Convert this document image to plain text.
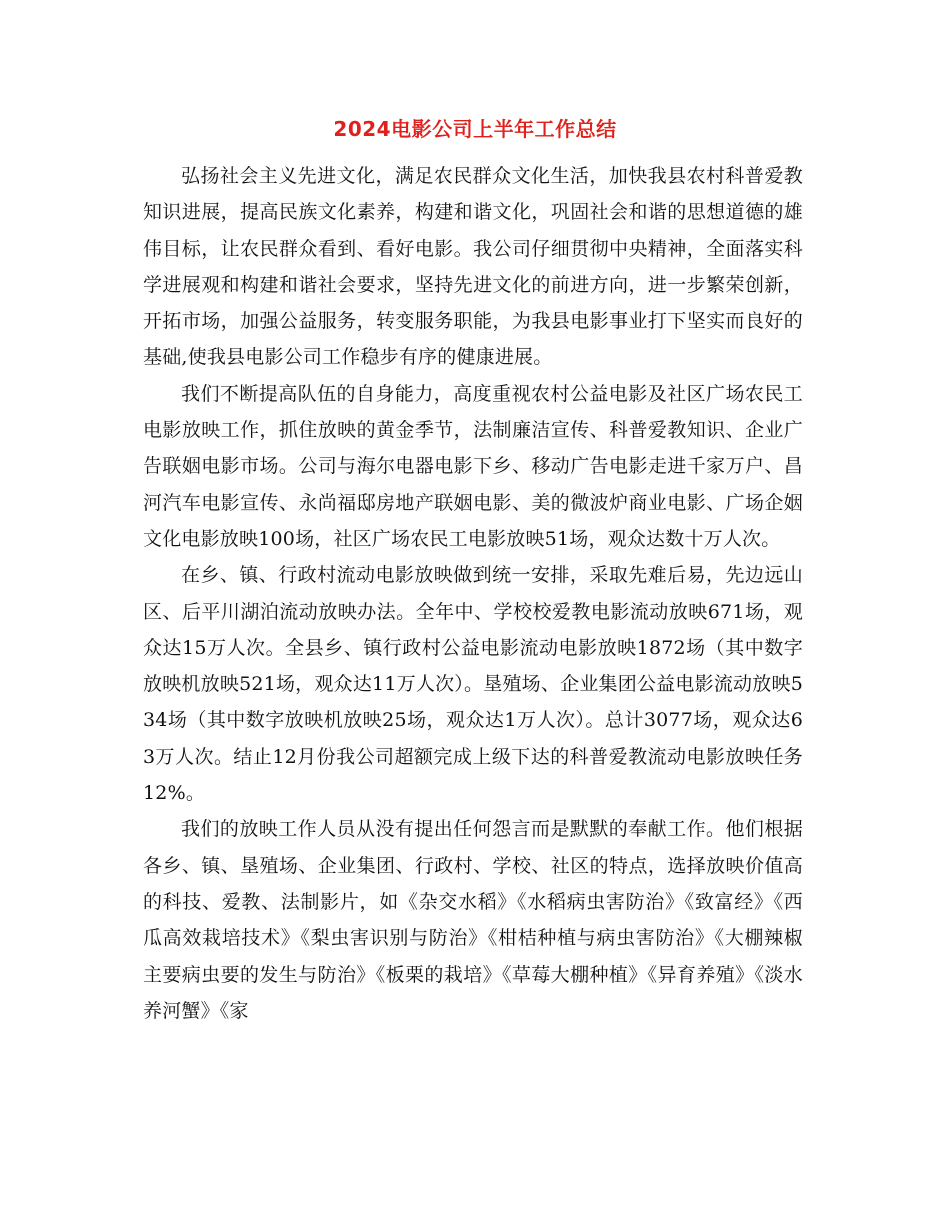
2024电影公司上半年工作总结

弘扬社会主义先进文化，满足农民群众文化生活，加快我县农村科普爱教知识进展，提高民族文化素养，构建和谐文化，巩固社会和谐的思想道德的雄伟目标，让农民群众看到、看好电影。我公司仔细贯彻中央精神，全面落实科学进展观和构建和谐社会要求，坚持先进文化的前进方向，进一步繁荣创新，开拓市场，加强公益服务，转变服务职能，为我县电影事业打下坚实而良好的基础,使我县电影公司工作稳步有序的健康进展。

我们不断提高队伍的自身能力，高度重视农村公益电影及社区广场农民工电影放映工作，抓住放映的黄金季节，法制廉洁宣传、科普爱教知识、企业广告联姻电影市场。公司与海尔电器电影下乡、移动广告电影走进千家万户、昌河汽车电影宣传、永尚福邸房地产联姻电影、美的微波炉商业电影、广场企姻文化电影放映100场，社区广场农民工电影放映51场，观众达数十万人次。

在乡、镇、行政村流动电影放映做到统一安排，采取先难后易，先边远山区、后平川湖泊流动放映办法。全年中、学校校爱教电影流动放映671场，观众达15万人次。全县乡、镇行政村公益电影流动电影放映1872场（其中数字放映机放映521场，观众达11万人次）。垦殖场、企业集团公益电影流动放映534场（其中数字放映机放映25场，观众达1万人次）。总计3077场，观众达63万人次。结止12月份我公司超额完成上级下达的科普爱教流动电影放映任务12%。

我们的放映工作人员从没有提出任何怨言而是默默的奉献工作。他们根据各乡、镇、垦殖场、企业集团、行政村、学校、社区的特点，选择放映价值高的科技、爱教、法制影片，如《杂交水稻》《水稻病虫害防治》《致富经》《西瓜高效栽培技术》《梨虫害识别与防治》《柑桔种植与病虫害防治》《大棚辣椒主要病虫要的发生与防治》《板栗的栽培》《草莓大棚种植》《异育养殖》《淡水养河蟹》《家
